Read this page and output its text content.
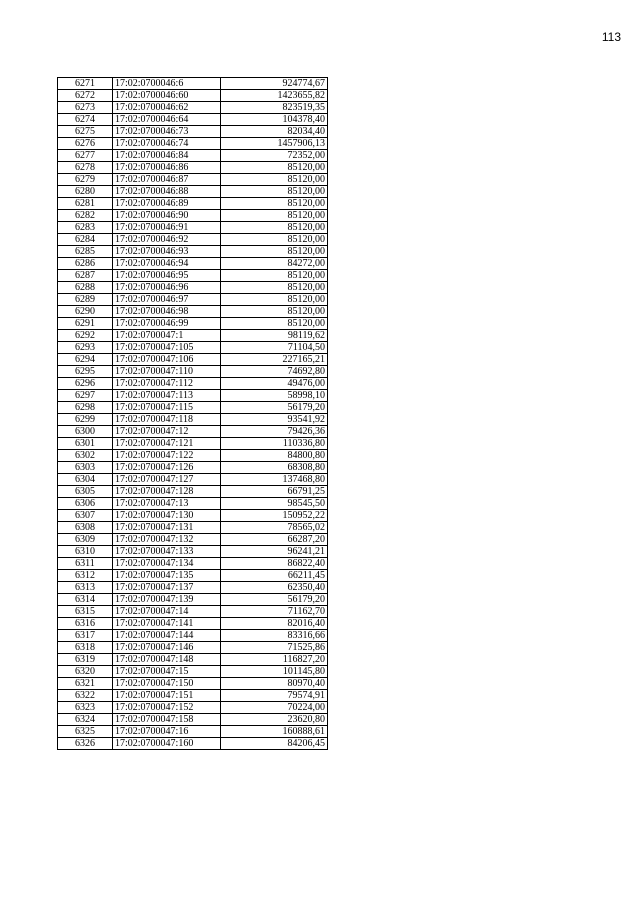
113
6271	17:02:0700046:6	924774,67
6272	17:02:0700046:60	1423655,82
6273	17:02:0700046:62	823519,35
6274	17:02:0700046:64	104378,40
6275	17:02:0700046:73	82034,40
6276	17:02:0700046:74	1457906,13
6277	17:02:0700046:84	72352,00
6278	17:02:0700046:86	85120,00
6279	17:02:0700046:87	85120,00
6280	17:02:0700046:88	85120,00
6281	17:02:0700046:89	85120,00
6282	17:02:0700046:90	85120,00
6283	17:02:0700046:91	85120,00
6284	17:02:0700046:92	85120,00
6285	17:02:0700046:93	85120,00
6286	17:02:0700046:94	84272,00
6287	17:02:0700046:95	85120,00
6288	17:02:0700046:96	85120,00
6289	17:02:0700046:97	85120,00
6290	17:02:0700046:98	85120,00
6291	17:02:0700046:99	85120,00
6292	17:02:0700047:1	98119,62
6293	17:02:0700047:105	71104,50
6294	17:02:0700047:106	227165,21
6295	17:02:0700047:110	74692,80
6296	17:02:0700047:112	49476,00
6297	17:02:0700047:113	58998,10
6298	17:02:0700047:115	56179,20
6299	17:02:0700047:118	93541,92
6300	17:02:0700047:12	79426,36
6301	17:02:0700047:121	110336,80
6302	17:02:0700047:122	84800,80
6303	17:02:0700047:126	68308,80
6304	17:02:0700047:127	137468,80
6305	17:02:0700047:128	66791,25
6306	17:02:0700047:13	98545,50
6307	17:02:0700047:130	150952,22
6308	17:02:0700047:131	78565,02
6309	17:02:0700047:132	66287,20
6310	17:02:0700047:133	96241,21
6311	17:02:0700047:134	86822,40
6312	17:02:0700047:135	66211,45
6313	17:02:0700047:137	62350,40
6314	17:02:0700047:139	56179,20
6315	17:02:0700047:14	71162,70
6316	17:02:0700047:141	82016,40
6317	17:02:0700047:144	83316,66
6318	17:02:0700047:146	71525,86
6319	17:02:0700047:148	116827,20
6320	17:02:0700047:15	101145,80
6321	17:02:0700047:150	80970,40
6322	17:02:0700047:151	79574,91
6323	17:02:0700047:152	70224,00
6324	17:02:0700047:158	23620,80
6325	17:02:0700047:16	160888,61
6326	17:02:0700047:160	84206,45
